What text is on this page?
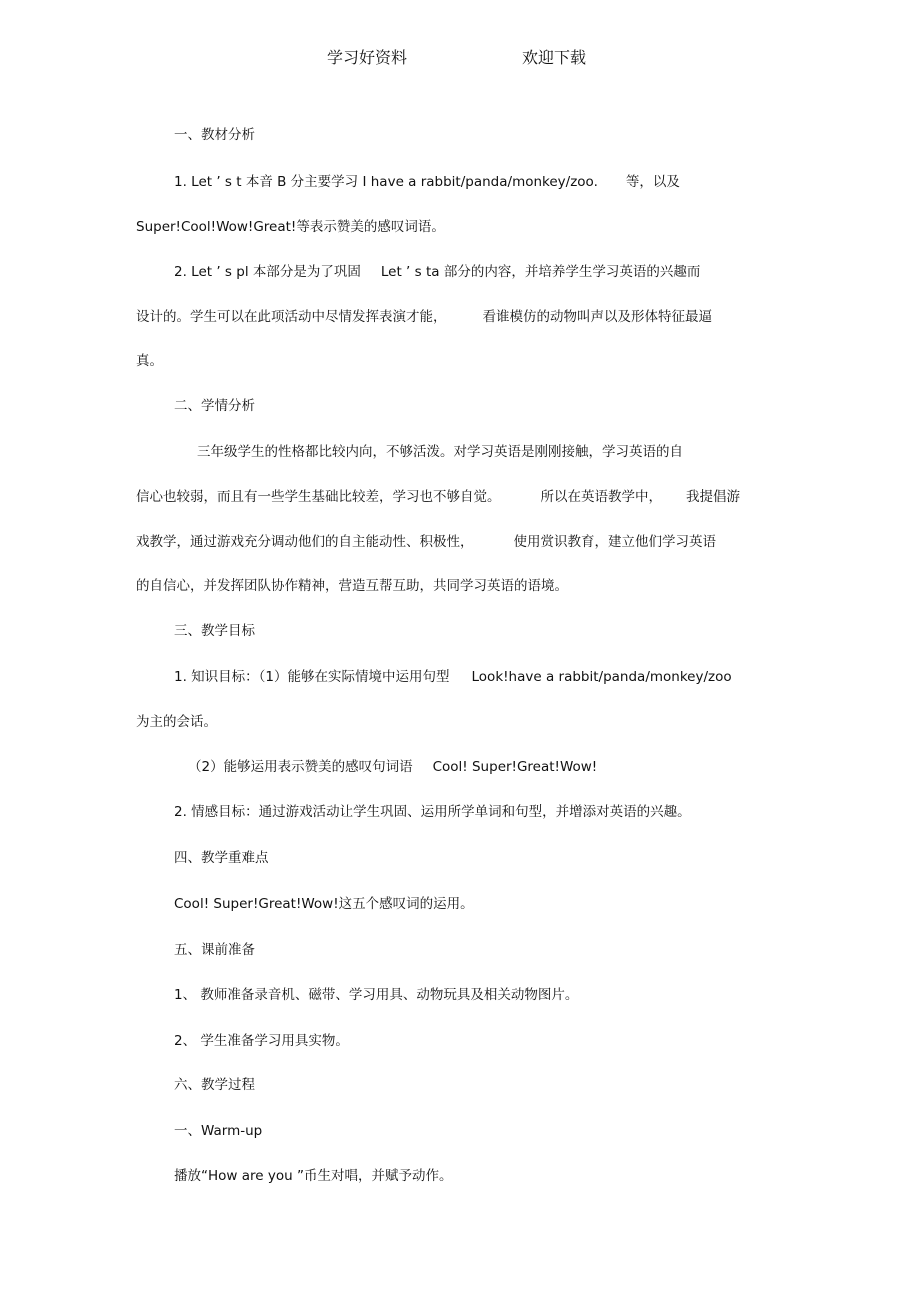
学习好资料	欢迎下载
一、教材分析
1. Let ’ s t 本音 B 分主要学习 I have a rabbit/panda/monkey/zoo. 等，以及
Super!Cool!Wow!Great!等表示赞美的感叹词语。
2. Let ’ s pl 本部分是为了巩固 Let ’ s ta 部分的内容，并培养学生学习英语的兴趣而
设计的。学生可以在此项活动中尽情发挥表演才能，	看谁模仿的动物叫声以及形体特征最逼
真。
二、学情分析
三年级学生的性格都比较内向，不够活泼。对学习英语是刚刚接触，学习英语的自
信心也较弱，而且有一些学生基础比较差，学习也不够自觉。	所以在英语教学中， 我提倡游
戏教学，通过游戏充分调动他们的自主能动性、积极性，	使用赏识教育，建立他们学习英语
的自信心，并发挥团队协作精神，营造互帮互助，共同学习英语的语境。
三、教学目标
1. 知识目标：（1）能够在实际情境中运用句型 Look!have a rabbit/panda/monkey/zoo
为主的会话。
（2）能够运用表示赞美的感叹句词语 Cool! Super!Great!Wow!
2. 情感目标：通过游戏活动让学生巩固、运用所学单词和句型，并增添对英语的兴趣。
四、教学重难点
Cool! Super!Great!Wow!这五个感叹词的运用。
五、课前准备
1、 教师准备录音机、磁带、学习用具、动物玩具及相关动物图片。
2、 学生准备学习用具实物。
六、教学过程
一、Warm-up
播放“How are you ”币生对唱，并赋予动作。
